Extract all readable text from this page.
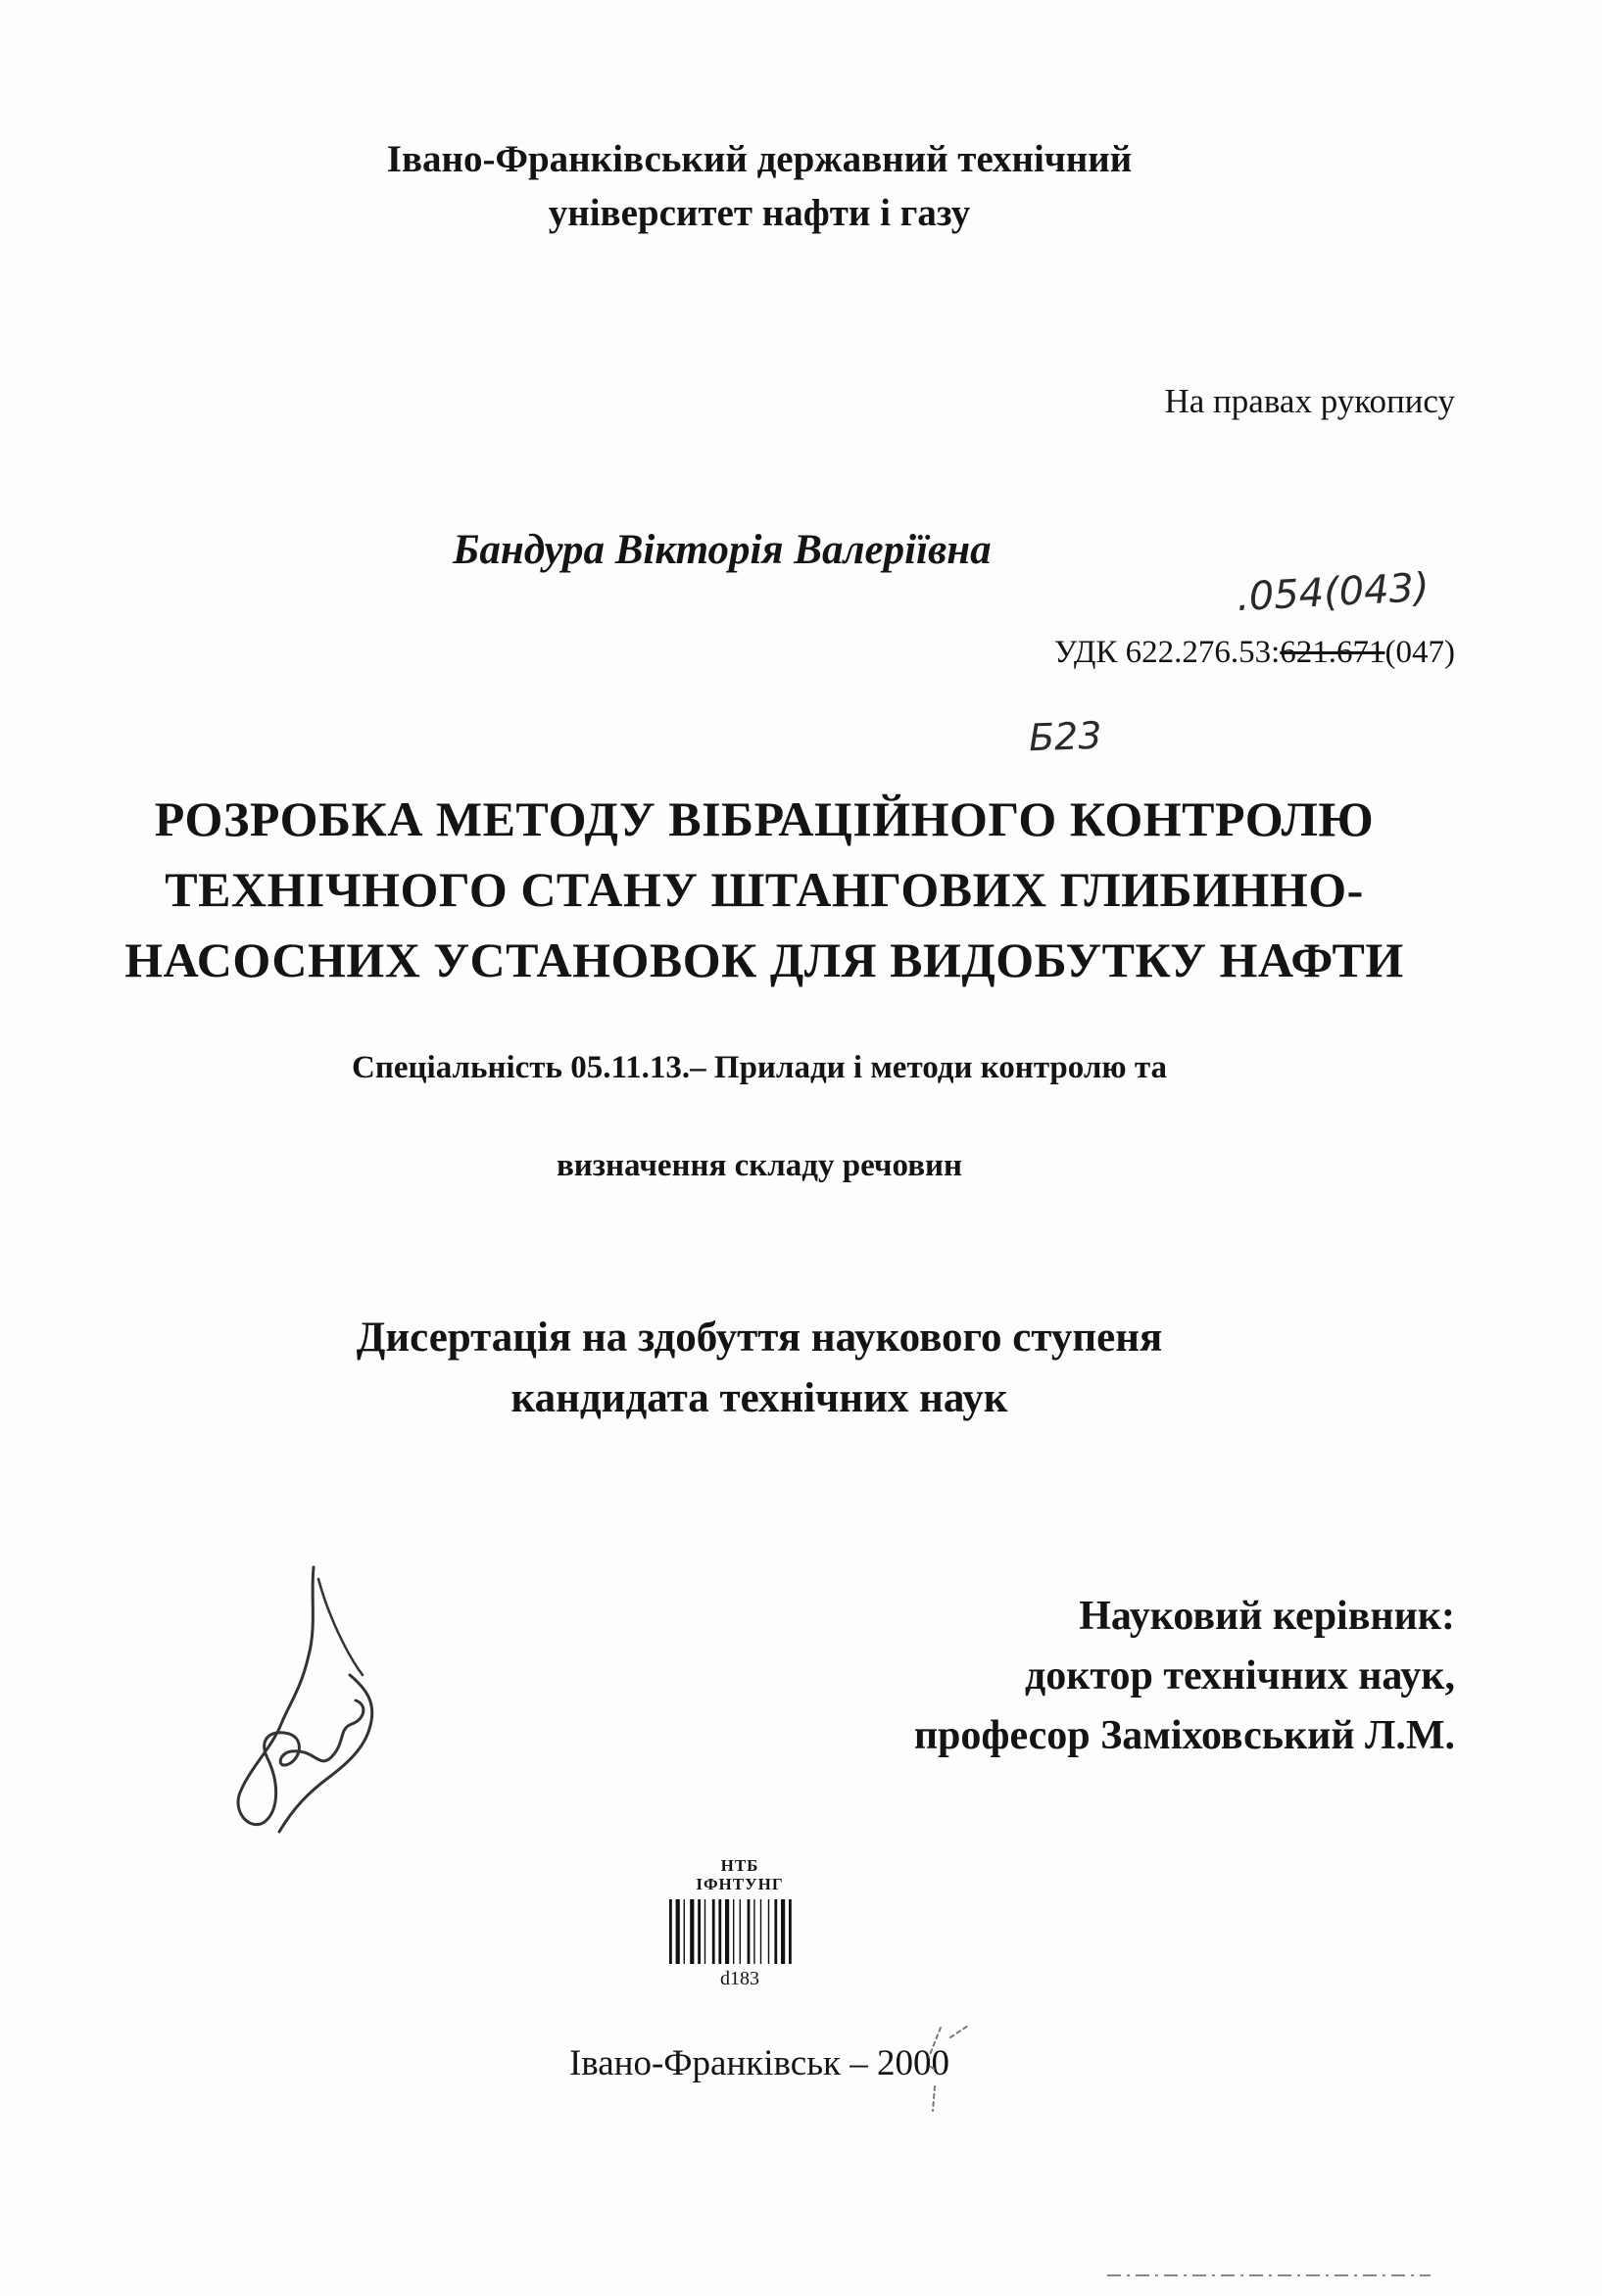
Івано-Франківський державний технічний
університет нафти і газу
На правах рукопису
Бандура Вікторія Валеріївна
.054(043)
УДК 622.276.53:621.671(047)
Б23
РОЗРОБКА МЕТОДУ ВІБРАЦІЙНОГО КОНТРОЛЮ
ТЕХНІЧНОГО СТАНУ ШТАНГОВИХ ГЛИБИННО-
НАСОСНИХ УСТАНОВОК ДЛЯ ВИДОБУТКУ НАФТИ
Спеціальність 05.11.13.– Прилади і методи контролю та
визначення складу речовин
Дисертація на здобуття наукового ступеня
кандидата технічних наук
Науковий керівник:
доктор технічних наук,
професор Заміховський Л.М.
НТБ
ІФНТУНГ
d183
Івано-Франківськ – 2000
